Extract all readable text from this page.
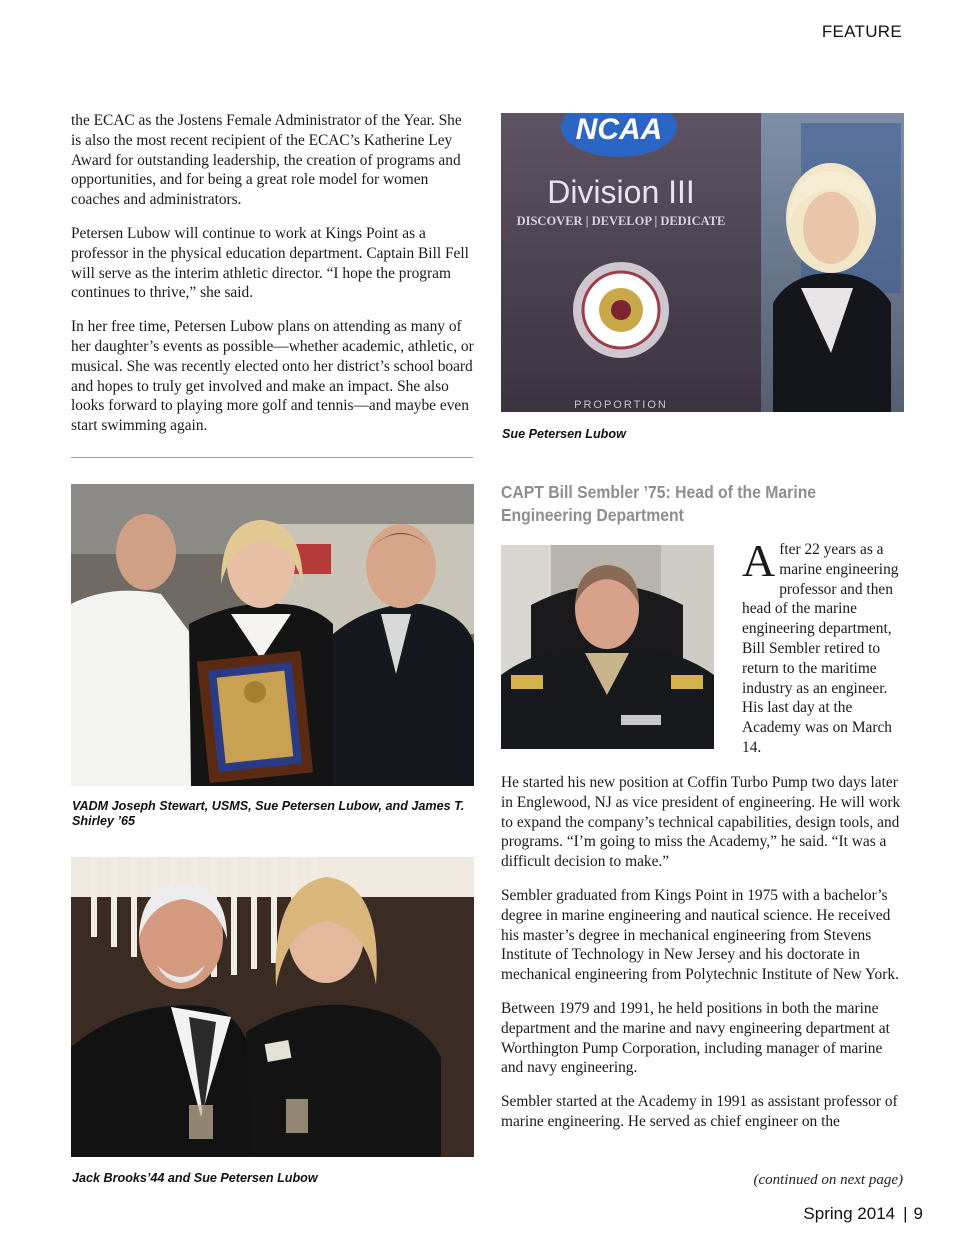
FEATURE

the ECAC as the Jostens Female Administrator of the Year. She is also the most recent recipient of the ECAC’s Katherine Ley Award for outstanding leadership, the creation of programs and opportunities, and for being a great role model for women coaches and administrators.

Petersen Lubow will continue to work at Kings Point as a professor in the physical education department. Captain Bill Fell will serve as the interim athletic director. “I hope the program continues to thrive,” she said.

In her free time, Petersen Lubow plans on attending as many of her daughter’s events as possible—whether academic, athletic, or musical. She was recently elected onto her district’s school board and hopes to truly get involved and make an impact. She also looks forward to playing more golf and tennis—and maybe even start swimming again.

NCAA
Division III
DISCOVER | DEVELOP | DEDICATE
PROPORTION
Sue Petersen Lubow
VADM Joseph Stewart, USMS, Sue Petersen Lubow, and James T. Shirley ’65
Jack Brooks’44 and Sue Petersen Lubow
CAPT Bill Sembler ’75: Head of the Marine Engineering Department
After 22 years as a marine engineering professor and then head of the marine engineering department, Bill Sembler retired to return to the maritime industry as an engineer. His last day at the Academy was on March 14.

He started his new position at Coffin Turbo Pump two days later in Englewood, NJ as vice president of engineering. He will work to expand the company’s technical capabilities, design tools, and programs. “I’m going to miss the Academy,” he said. “It was a difficult decision to make.”

Sembler graduated from Kings Point in 1975 with a bachelor’s degree in marine engineering and nautical science. He received his master’s degree in mechanical engineering from Stevens Institute of Technology in New Jersey and his doctorate in mechanical engineering from Polytechnic Institute of New York.

Between 1979 and 1991, he held positions in both the marine department and the marine and navy engineering department at Worthington Pump Corporation, including manager of marine and navy engineering.

Sembler started at the Academy in 1991 as assistant professor of marine engineering. He served as chief engineer on the

(continued on next page)
Spring 2014 | 9
